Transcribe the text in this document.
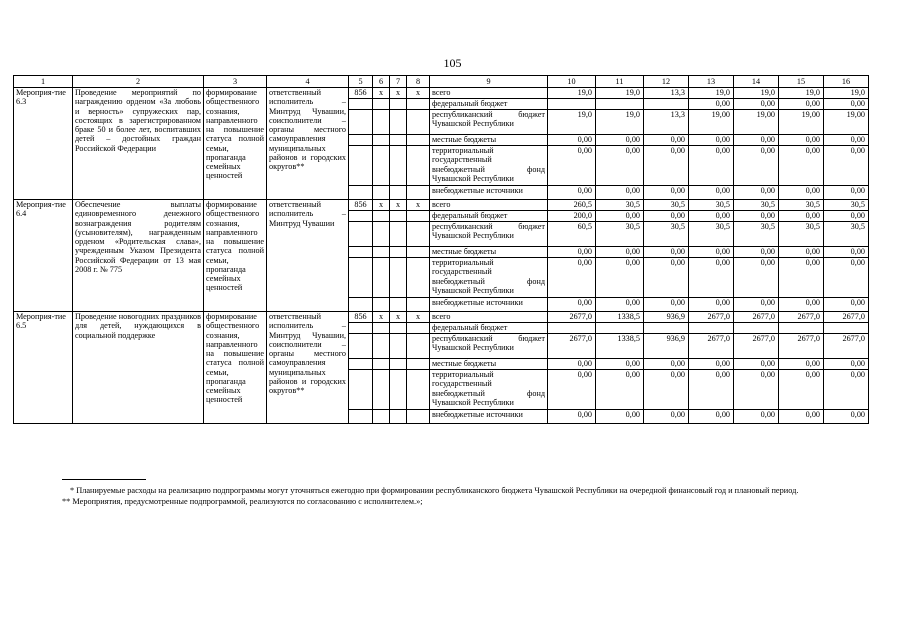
105
1	2	3	4	5	6	7	8	9	10	11	12	13	14	15	16
Мероприя-тие 6.3	Проведение мероприятий по награждению орденом «За любовь и верность» супружеских пар, состоящих в зарегистрированном браке 50 и более лет, воспитавших детей – достойных граждан Российской Федерации	формирование общественного сознания, направленного на повышение статуса полной семьи, пропаганда семейных ценностей	ответственный исполнитель – Минтруд Чувашии, соисполнители – органы местного самоуправления муниципальных районов и городских округов**	856	x	x	x	всего	19,0	19,0	13,3	19,0	19,0	19,0	19,0
								федеральный бюджет				0,00	0,00	0,00	0,00
								республиканский бюджет Чувашской Республики	19,0	19,0	13,3	19,00	19,00	19,00	19,00
								местные бюджеты	0,00	0,00	0,00	0,00	0,00	0,00	0,00
								территориальный государственный внебюджетный фонд Чувашской Республики	0,00	0,00	0,00	0,00	0,00	0,00	0,00
								внебюджетные источники	0,00	0,00	0,00	0,00	0,00	0,00	0,00
Мероприя-тие 6.4	Обеспечение выплаты единовременного денежного вознаграждения родителям (усыновителям), награжденным орденом «Родительская слава», учрежденным Указом Президента Российской Федерации от 13 мая 2008 г. № 775	формирование общественного сознания, направленного на повышение статуса полной семьи, пропаганда семейных ценностей	ответственный исполнитель – Минтруд Чувашии	856	x	x	x	всего	260,5	30,5	30,5	30,5	30,5	30,5	30,5
								федеральный бюджет	200,0	0,00	0,00	0,00	0,00	0,00	0,00
								республиканский бюджет Чувашской Республики	60,5	30,5	30,5	30,5	30,5	30,5	30,5
								местные бюджеты	0,00	0,00	0,00	0,00	0,00	0,00	0,00
								территориальный государственный внебюджетный фонд Чувашской Республики	0,00	0,00	0,00	0,00	0,00	0,00	0,00
								внебюджетные источники	0,00	0,00	0,00	0,00	0,00	0,00	0,00
Мероприя-тие 6.5	Проведение новогодних праздников для детей, нуждающихся в социальной поддержке	формирование общественного сознания, направленного на повышение статуса полной семьи, пропаганда семейных ценностей	ответственный исполнитель – Минтруд Чувашии, соисполнители – органы местного самоуправления муниципальных районов и городских округов**	856	x	x	x	всего	2677,0	1338,5	936,9	2677,0	2677,0	2677,0	2677,0
								федеральный бюджет							
								республиканский бюджет Чувашской Республики	2677,0	1338,5	936,9	2677,0	2677,0	2677,0	2677,0
								местные бюджеты	0,00	0,00	0,00	0,00	0,00	0,00	0,00
								территориальный государственный внебюджетный фонд Чувашской Республики	0,00	0,00	0,00	0,00	0,00	0,00	0,00
								внебюджетные источники	0,00	0,00	0,00	0,00	0,00	0,00	0,00

* Планируемые расходы на реализацию подпрограммы могут уточняться ежегодно при формировании республиканского бюджета Чувашской Республики на очередной финансовый год и плановый период.

** Мероприятия, предусмотренные подпрограммой, реализуются по согласованию с исполнителем.»;
